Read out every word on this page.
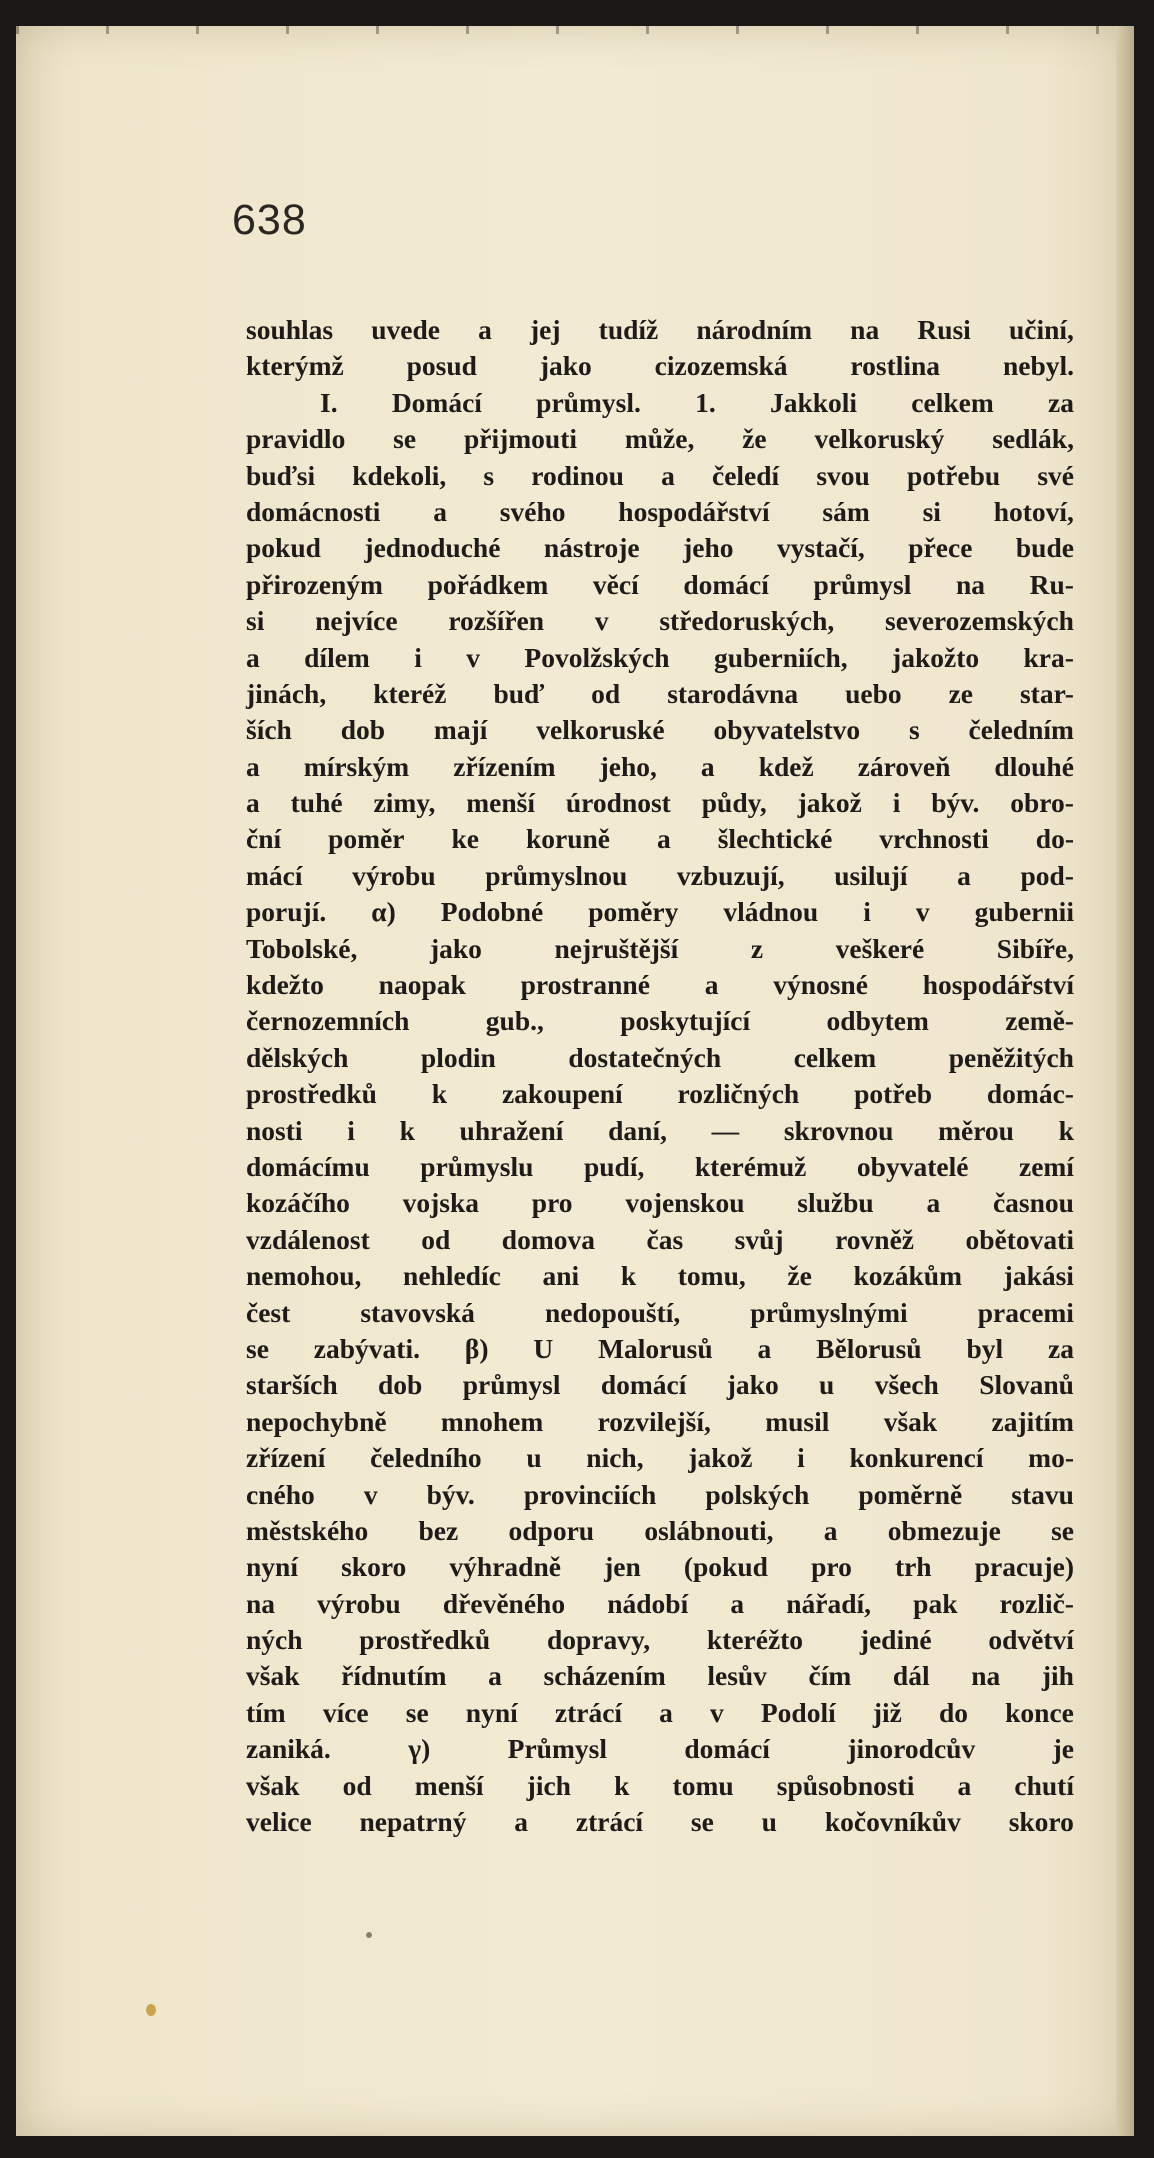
638
souhlas uvede a jej tudíž národním na Rusi učiní,
kterýmž posud jako cizozemská rostlina nebyl.
I. Domácí průmysl. 1. Jakkoli celkem za
pravidlo se přijmouti může, že velkoruský sedlák,
buďsi kdekoli, s rodinou a čeledí svou potřebu své
domácnosti a svého hospodářství sám si hotoví,
pokud jednoduché nástroje jeho vystačí, přece bude
přirozeným pořádkem věcí domácí průmysl na Ru-
si nejvíce rozšířen v středoruských, severozemských
a dílem i v Povolžských guberniích, jakožto kra-
jinách, kteréž buď od starodávna uebo ze star-
ších dob mají velkoruské obyvatelstvo s čeledním
a mírským zřízením jeho, a kdež zároveň dlouhé
a tuhé zimy, menší úrodnost půdy, jakož i býv. obro-
ční poměr ke koruně a šlechtické vrchnosti do-
mácí výrobu průmyslnou vzbuzují, usilují a pod-
porují. α) Podobné poměry vládnou i v gubernii
Tobolské,	jako	nejruštější	z	veškeré	Sibíře,
kdežto naopak prostranné a výnosné hospodářství
černozemních	gub.,	poskytující	odbytem	země-
dělských	plodin	dostatečných	celkem	peněžitých
prostředků k zakoupení rozličných potřeb domác-
nosti i k uhražení daní, — skrovnou měrou k
domácímu průmyslu pudí, kterémuž obyvatelé zemí
kozáčího vojska pro vojenskou službu a časnou
vzdálenost od domova čas svůj rovněž obětovati
nemohou, nehledíc ani k tomu, že kozákům jakási
čest	stavovská	nedopouští,	průmyslnými	pracemi
se zabývati. β) U Malorusů a Bělorusů byl za
starších dob průmysl domácí jako u všech Slovanů
nepochybně mnohem rozvilejší, musil však zajitím
zřízení čeledního u nich, jakož i konkurencí mo-
cného v býv. provinciích polských poměrně stavu
městského bez odporu oslábnouti, a obmezuje se
nyní skoro výhradně jen (pokud pro trh pracuje)
na výrobu dřevěného nádobí a nářadí, pak rozlič-
ných prostředků dopravy, kteréžto jediné odvětví
však řídnutím a scházením lesův čím dál na jih
tím více se nyní ztrácí a v Podolí již do konce
zaniká.	γ)	Průmysl	domácí	jinorodcův	je
však od menší jich k tomu spůsobnosti a chutí
velice nepatrný a ztrácí se u kočovníkův skoro
